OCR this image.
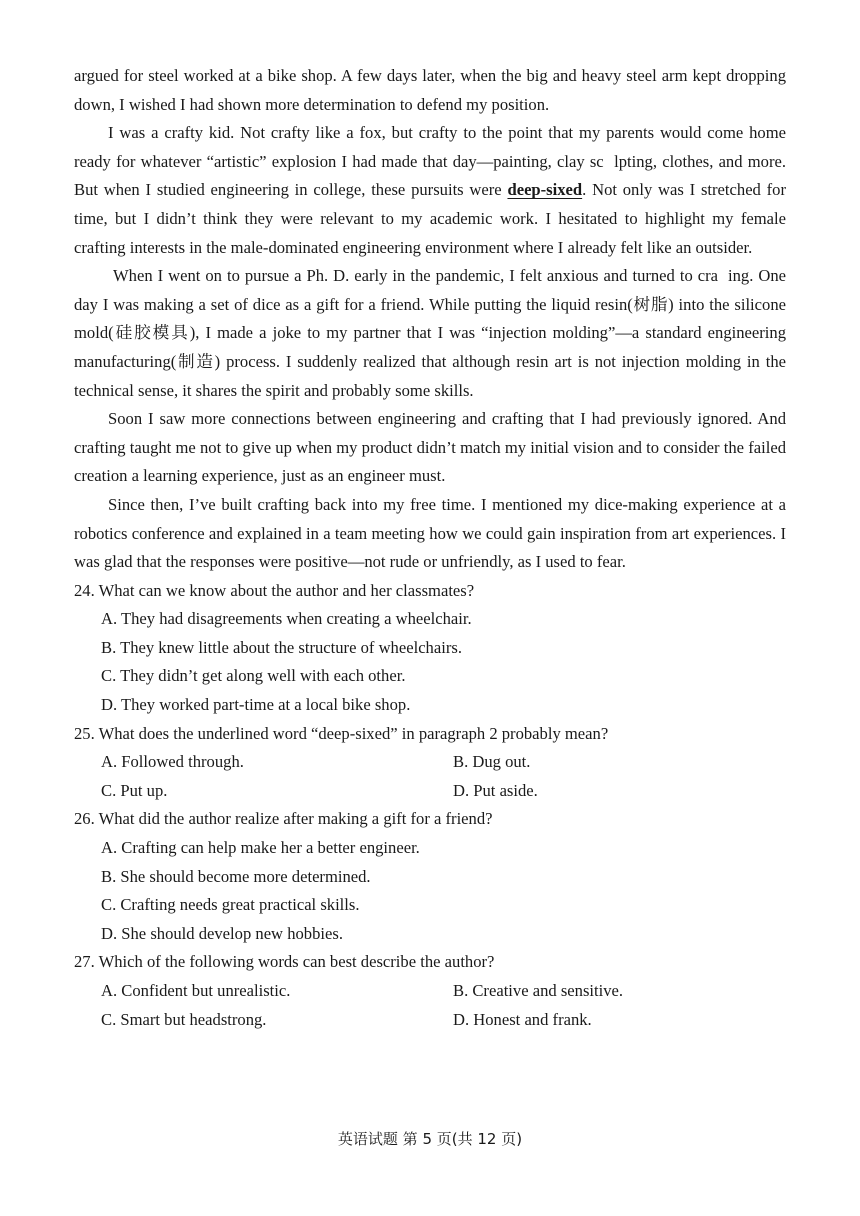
argued for steel worked at a bike shop. A few days later, when the big and heavy steel arm kept dropping down, I wished I had shown more determination to defend my position.

I was a crafty kid. Not crafty like a fox, but crafty to the point that my parents would come home ready for whatever “artistic” explosion I had made that day—painting, clay sc  lpting, clothes, and more. But when I studied engineering in college, these pursuits were deep-sixed. Not only was I stretched for time, but I didn’t think they were relevant to my academic work. I hesitated to highlight my female crafting interests in the male-dominated engineering environment where I already felt like an outsider.

When I went on to pursue a Ph. D. early in the pandemic, I felt anxious and turned to cra  ing. One day I was making a set of dice as a gift for a friend. While putting the liquid resin(树脂) into the silicone mold(硅胶模具), I made a joke to my partner that I was “injection molding”—a standard engineering manufacturing(制造) process. I suddenly realized that although resin art is not injection molding in the technical sense, it shares the spirit and probably some skills.

Soon I saw more connections between engineering and crafting that I had previously ignored. And crafting taught me not to give up when my product didn’t match my initial vision and to consider the failed creation a learning experience, just as an engineer must.

Since then, I’ve built crafting back into my free time. I mentioned my dice-making experience at a robotics conference and explained in a team meeting how we could gain inspiration from art experiences. I was glad that the responses were positive—not rude or unfriendly, as I used to fear.

24. What can we know about the author and her classmates?

A. They had disagreements when creating a wheelchair.

B. They knew little about the structure of wheelchairs.

C. They didn’t get along well with each other.

D. They worked part-time at a local bike shop.

25. What does the underlined word “deep-sixed” in paragraph 2 probably mean?

A. Followed through.	B. Dug out.
C. Put up.	D. Put aside.

26. What did the author realize after making a gift for a friend?

A. Crafting can help make her a better engineer.

B. She should become more determined.

C. Crafting needs great practical skills.

D. She should develop new hobbies.

27. Which of the following words can best describe the author?

A. Confident but unrealistic.	B. Creative and sensitive.
C. Smart but headstrong.	D. Honest and frank.
英语试题 第 5 页(共 12 页)
